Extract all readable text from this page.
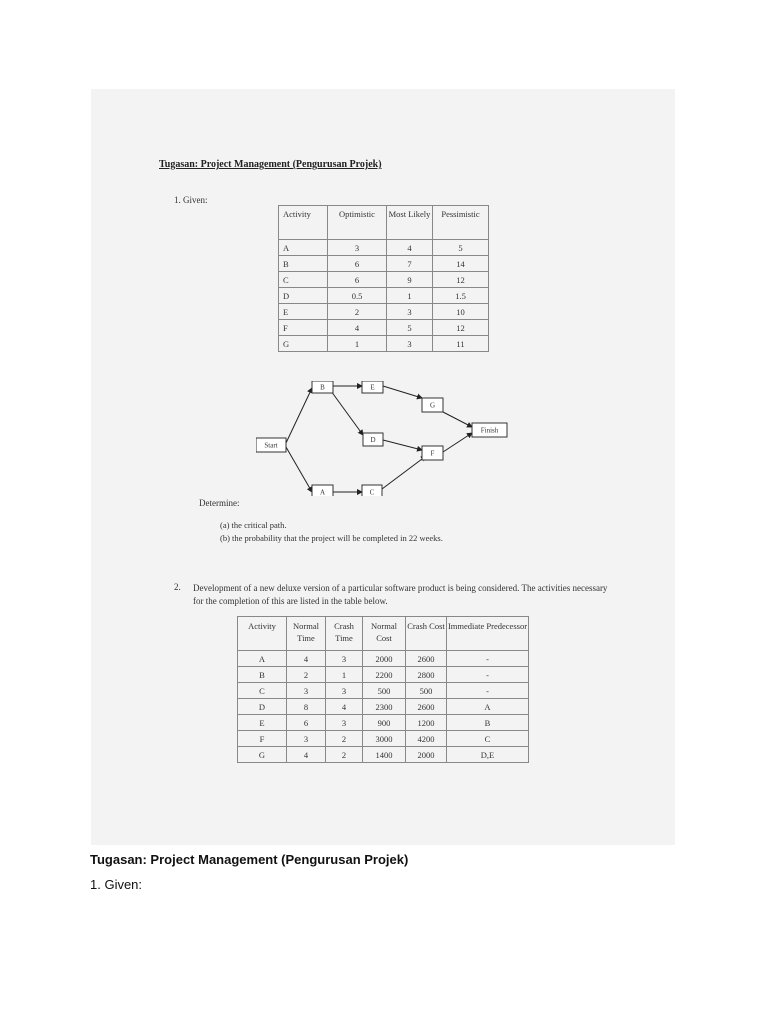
Tugasan: Project Management (Pengurusan Projek)
1. Given:
Activity	Optimistic	Most Likely	Pessimistic
A	3	4	5
B	6	7	14
C	6	9	12
D	0.5	1	1.5
E	2	3	10
F	4	5	12
G	1	3	11
Start
B	E
G
D
Finish
F
A	C
Determine:
(a) the critical path.
(b) the probability that the project will be completed in 22 weeks.
2. Development of a new deluxe version of a particular software product is being considered. The activities necessary for the completion of this are listed in the table below.
Activity	Normal Time	Crash Time	Normal Cost	Crash Cost	Immediate Predecessor
A	4	3	2000	2600	-
B	2	1	2200	2800	-
C	3	3	500	500	-
D	8	4	2300	2600	A
E	6	3	900	1200	B
F	3	2	3000	4200	C
G	4	2	1400	2000	D,E
Tugasan: Project Management (Pengurusan Projek)
1. Given:
